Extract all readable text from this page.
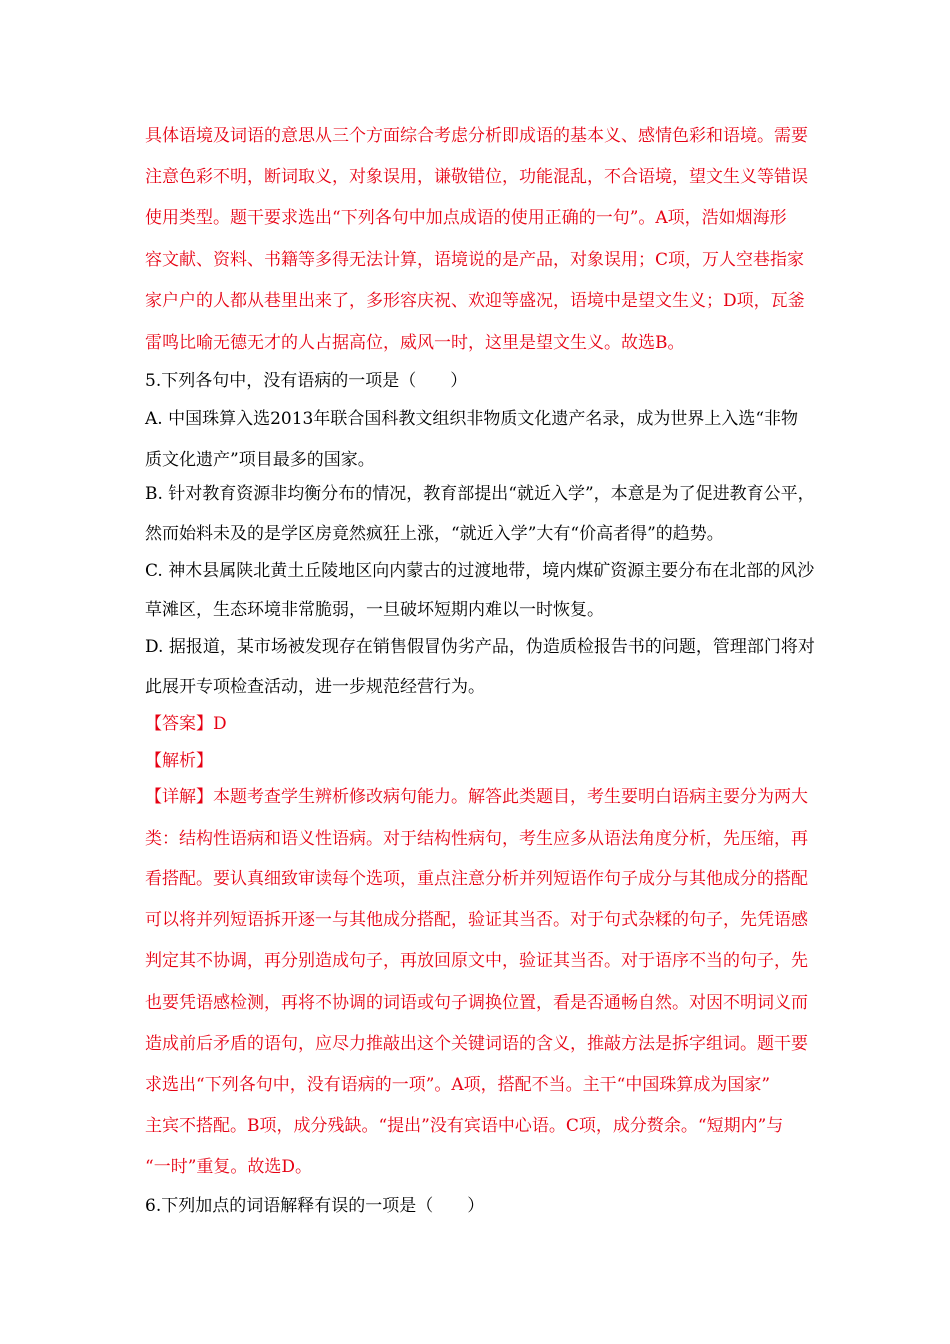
具体语境及词语的意思从三个方面综合考虑分析即成语的基本义、感情色彩和语境。需要
注意色彩不明，断词取义，对象误用，谦敬错位，功能混乱，不合语境，望文生义等错误
使用类型。题干要求选出“下列各句中加点成语的使用正确的一句”。A项，浩如烟海形
容文献、资料、书籍等多得无法计算，语境说的是产品，对象误用；C项，万人空巷指家
家户户的人都从巷里出来了，多形容庆祝、欢迎等盛况，语境中是望文生义；D项，瓦釜
雷鸣比喻无德无才的人占据高位，威风一时，这里是望文生义。故选B。
5.下列各句中，没有语病的一项是（　　）
A. 中国珠算入选2013年联合国科教文组织非物质文化遗产名录，成为世界上入选“非物
质文化遗产”项目最多的国家。
B. 针对教育资源非均衡分布的情况，教育部提出“就近入学”，本意是为了促进教育公平，
然而始料未及的是学区房竟然疯狂上涨，“就近入学”大有“价高者得”的趋势。
C. 神木县属陕北黄土丘陵地区向内蒙古的过渡地带，境内煤矿资源主要分布在北部的风沙
草滩区，生态环境非常脆弱，一旦破坏短期内难以一时恢复。
D. 据报道，某市场被发现存在销售假冒伪劣产品，伪造质检报告书的问题，管理部门将对
此展开专项检查活动，进一步规范经营行为。
【答案】D
【解析】
【详解】本题考查学生辨析修改病句能力。解答此类题目，考生要明白语病主要分为两大
类：结构性语病和语义性语病。对于结构性病句，考生应多从语法角度分析，先压缩，再
看搭配。要认真细致审读每个选项，重点注意分析并列短语作句子成分与其他成分的搭配
可以将并列短语拆开逐一与其他成分搭配，验证其当否。对于句式杂糅的句子，先凭语感
判定其不协调，再分别造成句子，再放回原文中，验证其当否。对于语序不当的句子，先
也要凭语感检测，再将不协调的词语或句子调换位置，看是否通畅自然。对因不明词义而
造成前后矛盾的语句，应尽力推敲出这个关键词语的含义，推敲方法是拆字组词。题干要
求选出“下列各句中，没有语病的一项”。A项，搭配不当。主干“中国珠算成为国家”
主宾不搭配。B项，成分残缺。“提出”没有宾语中心语。C项，成分赘余。“短期内”与
“一时”重复。故选D。
6.下列加点的词语解释有误的一项是（　　）
